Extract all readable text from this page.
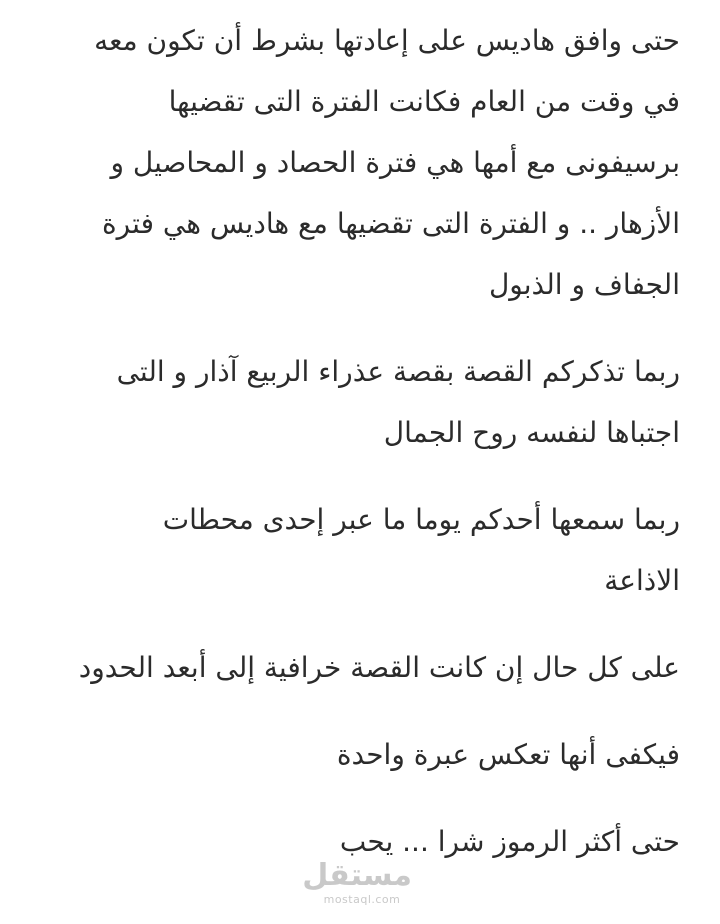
حتى وافق هاديس على إعادتها بشرط أن تكون معه
في وقت من العام فكانت الفترة التى تقضيها
برسيفونى مع أمها هي فترة الحصاد و المحاصيل و
الأزهار .. و الفترة التى تقضيها مع هاديس هي فترة
الجفاف و الذبول

ربما تذكركم القصة بقصة عذراء الربيع آذار و التى
اجتباها لنفسه روح الجمال

ربما سمعها أحدكم يوما ما عبر إحدى محطات
الاذاعة

على كل حال إن كانت القصة خرافية إلى أبعد الحدود

فيكفى أنها تعكس عبرة واحدة

حتى أكثر الرموز شرا ... يحب

مستقل
mostaql.com
